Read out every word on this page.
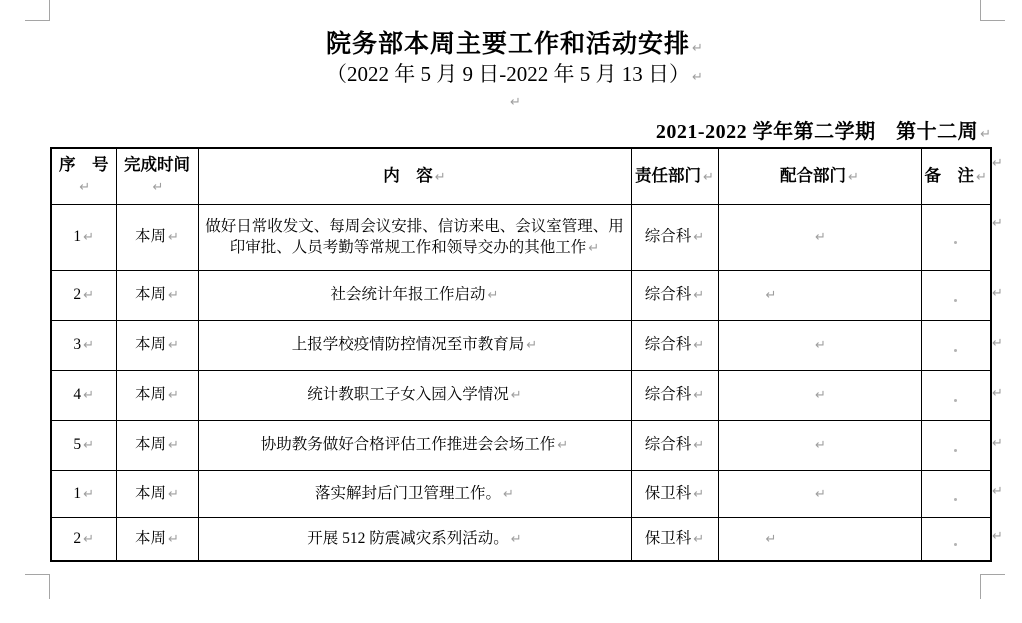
院务部本周主要工作和活动安排 ↵
（2022 年 5 月 9 日-2022 年 5 月 13 日） ↵
↵
2021-2022 学年第二学期　第十二周 ↵
序　号↵	完成时间↵	内　容 ↵	责任部门 ↵	配合部门 ↵	备　注 ↵
1 ↵	本周 ↵	做好日常收发文、每周会议安排、信访来电、会议室管理、用印审批、人员考勤等常规工作和领导交办的其他工作 ↵	综合科 ↵	↵	
2 ↵	本周 ↵	社会统计年报工作启动 ↵	综合科 ↵	↵	
3 ↵	本周 ↵	上报学校疫情防控情况至市教育局 ↵	综合科 ↵	↵	
4 ↵	本周 ↵	统计教职工子女入园入学情况 ↵	综合科 ↵	↵	
5 ↵	本周 ↵	协助教务做好合格评估工作推进会会场工作 ↵	综合科 ↵	↵	
1 ↵	本周 ↵	落实解封后门卫管理工作。 ↵	保卫科 ↵	↵	
2 ↵	本周 ↵	开展 512 防震减灾系列活动。 ↵	保卫科 ↵	↵	
↵
↵
↵
↵
↵
↵
↵
↵
